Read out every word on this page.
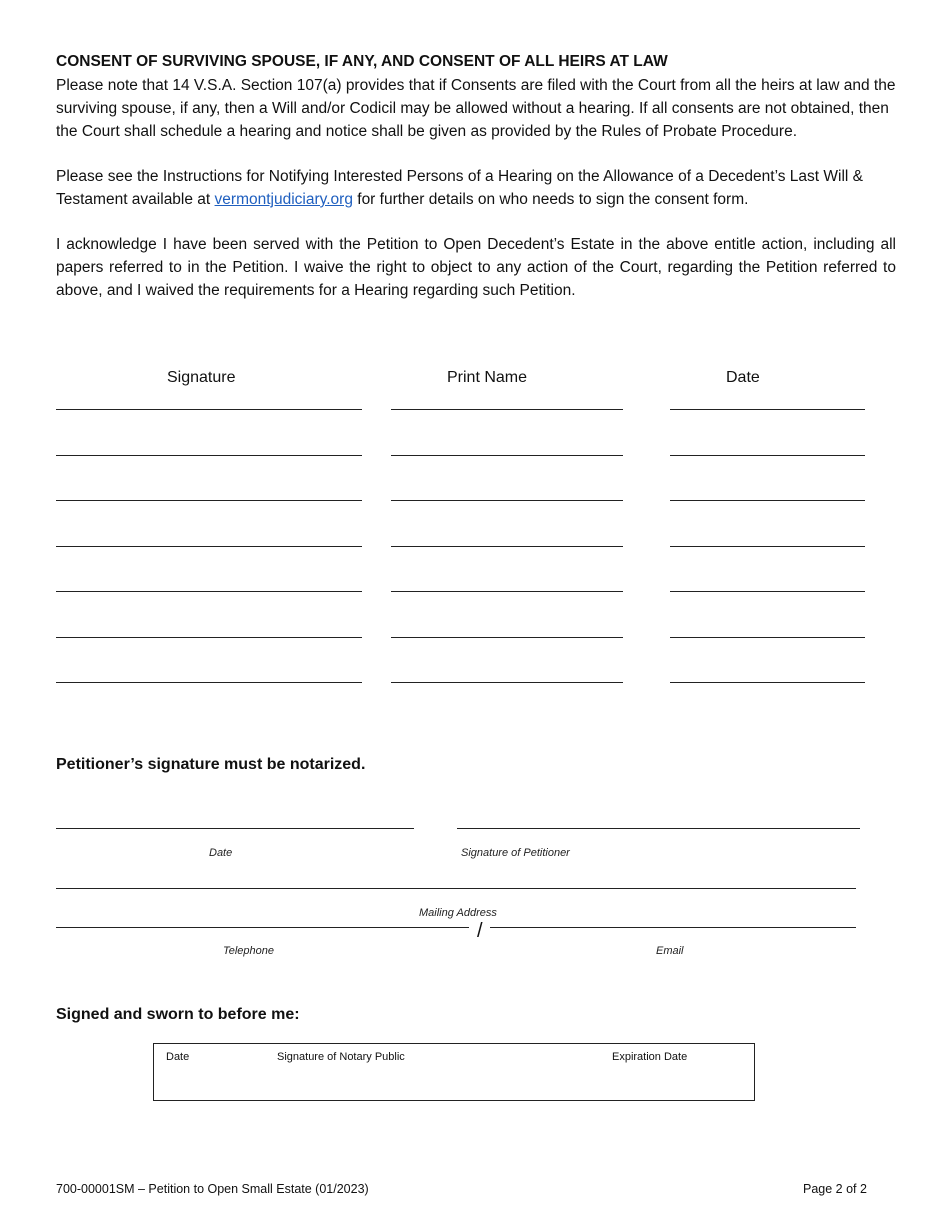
CONSENT OF SURVIVING SPOUSE, IF ANY, AND CONSENT OF ALL HEIRS AT LAW

Please note that 14 V.S.A. Section 107(a) provides that if Consents are filed with the Court from all the heirs at law and the surviving spouse, if any, then a Will and/or Codicil may be allowed without a hearing. If all consents are not obtained, then the Court shall schedule a hearing and notice shall be given as provided by the Rules of Probate Procedure.

Please see the Instructions for Notifying Interested Persons of a Hearing on the Allowance of a Decedent’s Last Will & Testament available at vermontjudiciary.org for further details on who needs to sign the consent form.

I acknowledge I have been served with the Petition to Open Decedent’s Estate in the above entitle action, including all papers referred to in the Petition. I waive the right to object to any action of the Court, regarding the Petition referred to above, and I waived the requirements for a Hearing regarding such Petition.

Signature	Print Name	Date
Petitioner’s signature must be notarized.
Date	Signature of Petitioner
Mailing Address
/
Telephone	Email
Signed and sworn to before me:
Date	Signature of Notary Public	Expiration Date
700-00001SM – Petition to Open Small Estate (01/2023)	Page 2 of 2
